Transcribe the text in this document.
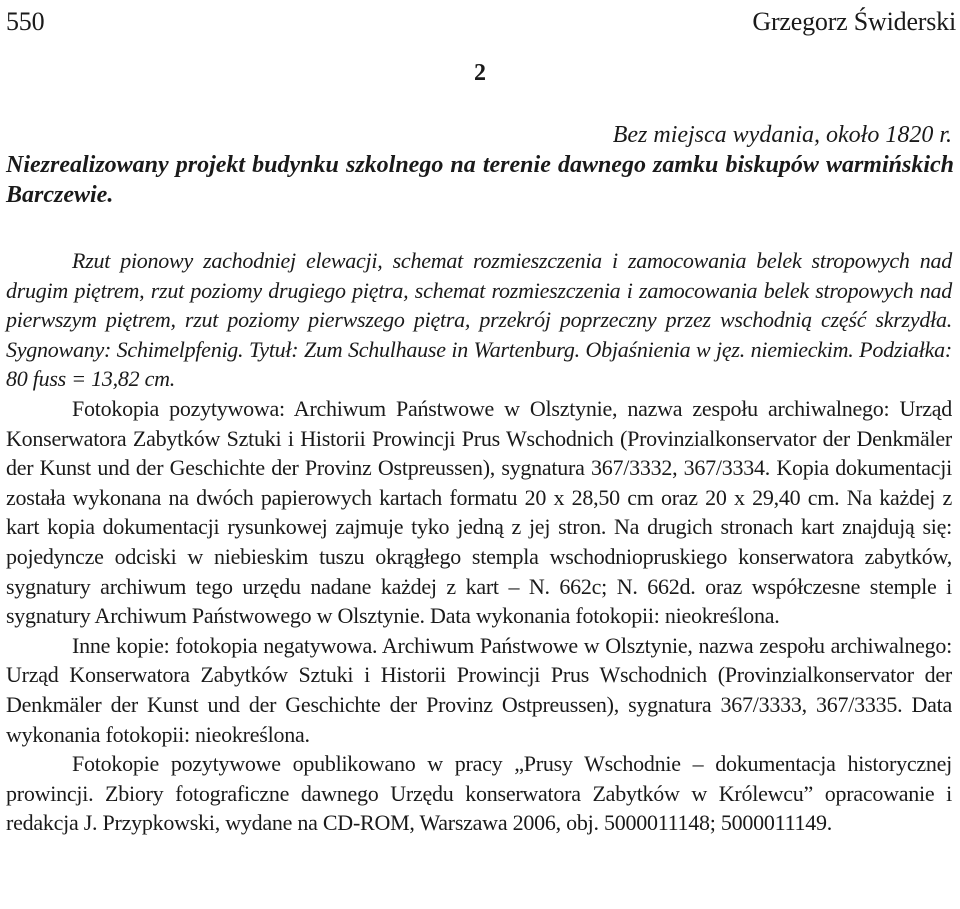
550	Grzegorz Świderski
2
Bez miejsca wydania, około 1820 r.
Niezrealizowany projekt budynku szkolnego na terenie dawnego zamku biskupów warmińskich Barczewie.

Rzut pionowy zachodniej elewacji, schemat rozmieszczenia i zamocowania belek stropowych nad drugim piętrem, rzut poziomy drugiego piętra, schemat rozmieszczenia i zamocowania belek stropowych nad pierwszym piętrem, rzut poziomy pierwszego piętra, przekrój poprzeczny przez wschodnią część skrzydła. Sygnowany: Schimelpfenig. Tytuł: Zum Schulhause in Wartenburg. Objaśnienia w jęz. niemieckim. Podziałka: 80 fuss = 13,82 cm.

Fotokopia pozytywowa: Archiwum Państwowe w Olsztynie, nazwa zespołu archiwalnego: Urząd Konserwatora Zabytków Sztuki i Historii Prowincji Prus Wschodnich (Provinzialkonservator der Denkmäler der Kunst und der Geschichte der Provinz Ostpreussen), sygnatura 367/3332, 367/3334. Kopia dokumentacji została wykonana na dwóch papierowych kartach formatu 20 x 28,50 cm oraz 20 x 29,40 cm. Na każdej z kart kopia dokumentacji rysunkowej zajmuje tyko jedną z jej stron. Na drugich stronach kart znajdują się: pojedyncze odciski w niebieskim tuszu okrągłego stempla wschodniopruskiego konserwatora zabytków, sygnatury archiwum tego urzędu nadane każdej z kart – N. 662c; N. 662d. oraz współczesne stemple i sygnatury Archiwum Państwowego w Olsztynie. Data wykonania fotokopii: nieokreślona.

Inne kopie: fotokopia negatywowa. Archiwum Państwowe w Olsztynie, nazwa zespołu archiwalnego: Urząd Konserwatora Zabytków Sztuki i Historii Prowincji Prus Wschodnich (Provinzialkonservator der Denkmäler der Kunst und der Geschichte der Provinz Ostpreussen), sygnatura 367/3333, 367/3335. Data wykonania fotokopii: nieokreślona.

Fotokopie pozytywowe opublikowano w pracy „Prusy Wschodnie – dokumentacja historycznej prowincji. Zbiory fotograficzne dawnego Urzędu konserwatora Zabytków w Królewcu” opracowanie i redakcja J. Przypkowski, wydane na CD-ROM, Warszawa 2006, obj. 5000011148; 5000011149.
